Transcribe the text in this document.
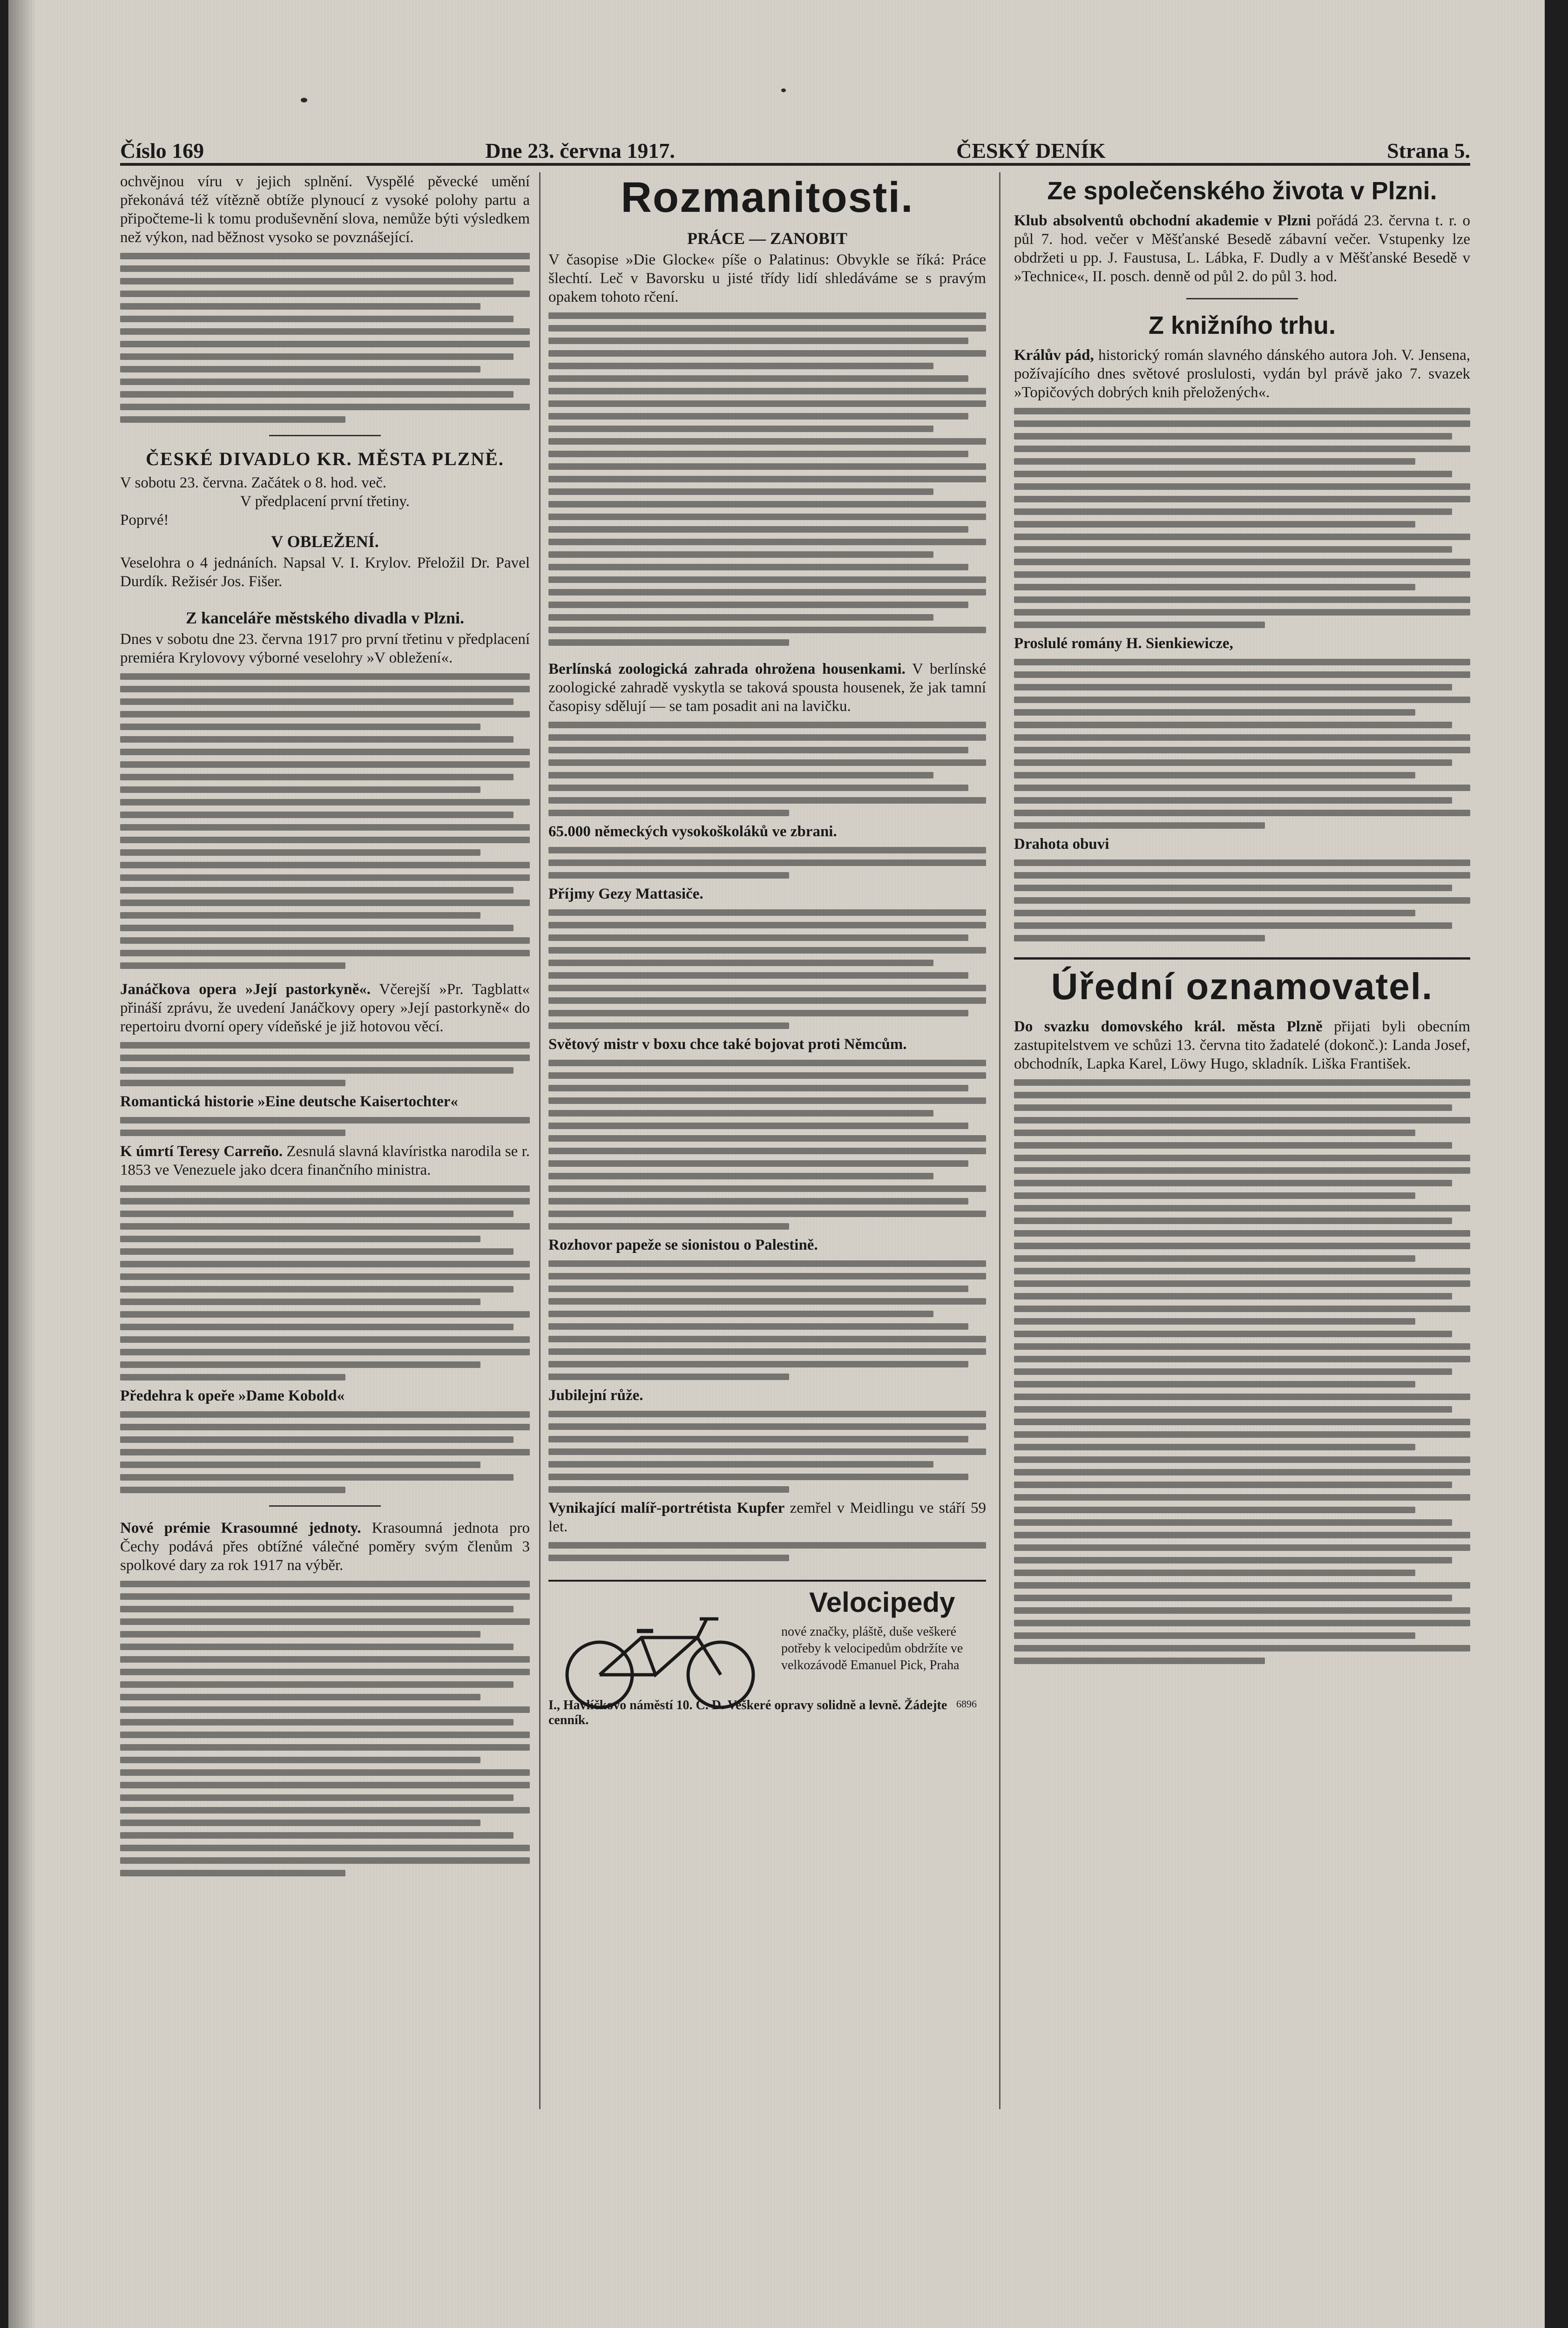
Číslo 169	Dne 23. června 1917.	ČESKÝ DENÍK	Strana 5.

ochvějnou víru v jejich splnění. Vyspělé pěvecké umění překonává též vítězně obtíže plynoucí z vysoké polohy partu a připočteme-li k tomu produševnění slova, nemůže býti výsledkem než výkon, nad běžnost vysoko se povznášející.

ČESKÉ DIVADLO KR. MĚSTA PLZNĚ.

V sobotu 23. června. Začátek o 8. hod. več.

V předplacení první třetiny.

Poprvé!

V OBLEŽENÍ.

Veselohra o 4 jednáních. Napsal V. I. Krylov. Přeložil Dr. Pavel Durdík. Režisér Jos. Fišer.

Z kanceláře městského divadla v Plzni.

Dnes v sobotu dne 23. června 1917 pro první třetinu v předplacení premiéra Krylovovy výborné veselohry »V obležení«.

Janáčkova opera »Její pastorkyně«. Včerejší »Pr. Tagblatt« přináší zprávu, že uvedení Janáčkovy opery »Její pastorkyně« do repertoiru dvorní opery vídeňské je již hotovou věcí.

Romantická historie »Eine deutsche Kaisertochter«

K úmrtí Teresy Carreño. Zesnulá slavná klavíristka narodila se r. 1853 ve Venezuele jako dcera finančního ministra.

Předehra k opeře »Dame Kobold«

Nové prémie Krasoumné jednoty. Krasoumná jednota pro Čechy podává přes obtížné válečné poměry svým členům 3 spolkové dary za rok 1917 na výběr.

Rozmanitosti.
PRÁCE — ZANOBIT

V časopise »Die Glocke« píše o Palatinus: Obvykle se říká: Práce šlechtí. Leč v Bavorsku u jisté třídy lidí shledáváme se s pravým opakem tohoto rčení.

Berlínská zoologická zahrada ohrožena housenkami. V berlínské zoologické zahradě vyskytla se taková spousta housenek, že jak tamní časopisy sdělují — se tam posadit ani na lavičku.

65.000 německých vysokoškoláků ve zbrani.

Příjmy Gezy Mattasiče.

Světový mistr v boxu chce také bojovat proti Němcům.

Rozhovor papeže se sionistou o Palestině.

Jubilejní růže.

Vynikající malíř-portrétista Kupfer zemřel v Meidlingu ve stáří 59 let.

Velocipedy
nové značky, pláště, duše veškeré potřeby k velocipedům obdržíte ve velkozávodě Emanuel Pick, Praha
I., Havlíčkovo náměstí 10. C. D. Veškeré opravy solidně a levně. Žádejte cenník.
6896
Ze společenského života v Plzni.

Klub absolventů obchodní akademie v Plzni pořádá 23. června t. r. o půl 7. hod. večer v Měšťanské Besedě zábavní večer. Vstupenky lze obdržeti u pp. J. Faustusa, L. Lábka, F. Dudly a v Měšťanské Besedě v »Technice«, II. posch. denně od půl 2. do půl 3. hod.

Z knižního trhu.

Králův pád, historický román slavného dánského autora Joh. V. Jensena, požívajícího dnes světové proslulosti, vydán byl právě jako 7. svazek »Topičových dobrých knih přeložených«.

Proslulé romány H. Sienkiewicze,

Drahota obuvi

Úřední oznamovatel.

Do svazku domovského král. města Plzně přijati byli obecním zastupitelstvem ve schůzi 13. června tito žadatelé (dokonč.): Landa Josef, obchodník, Lapka Karel, Löwy Hugo, skladník. Liška František.
